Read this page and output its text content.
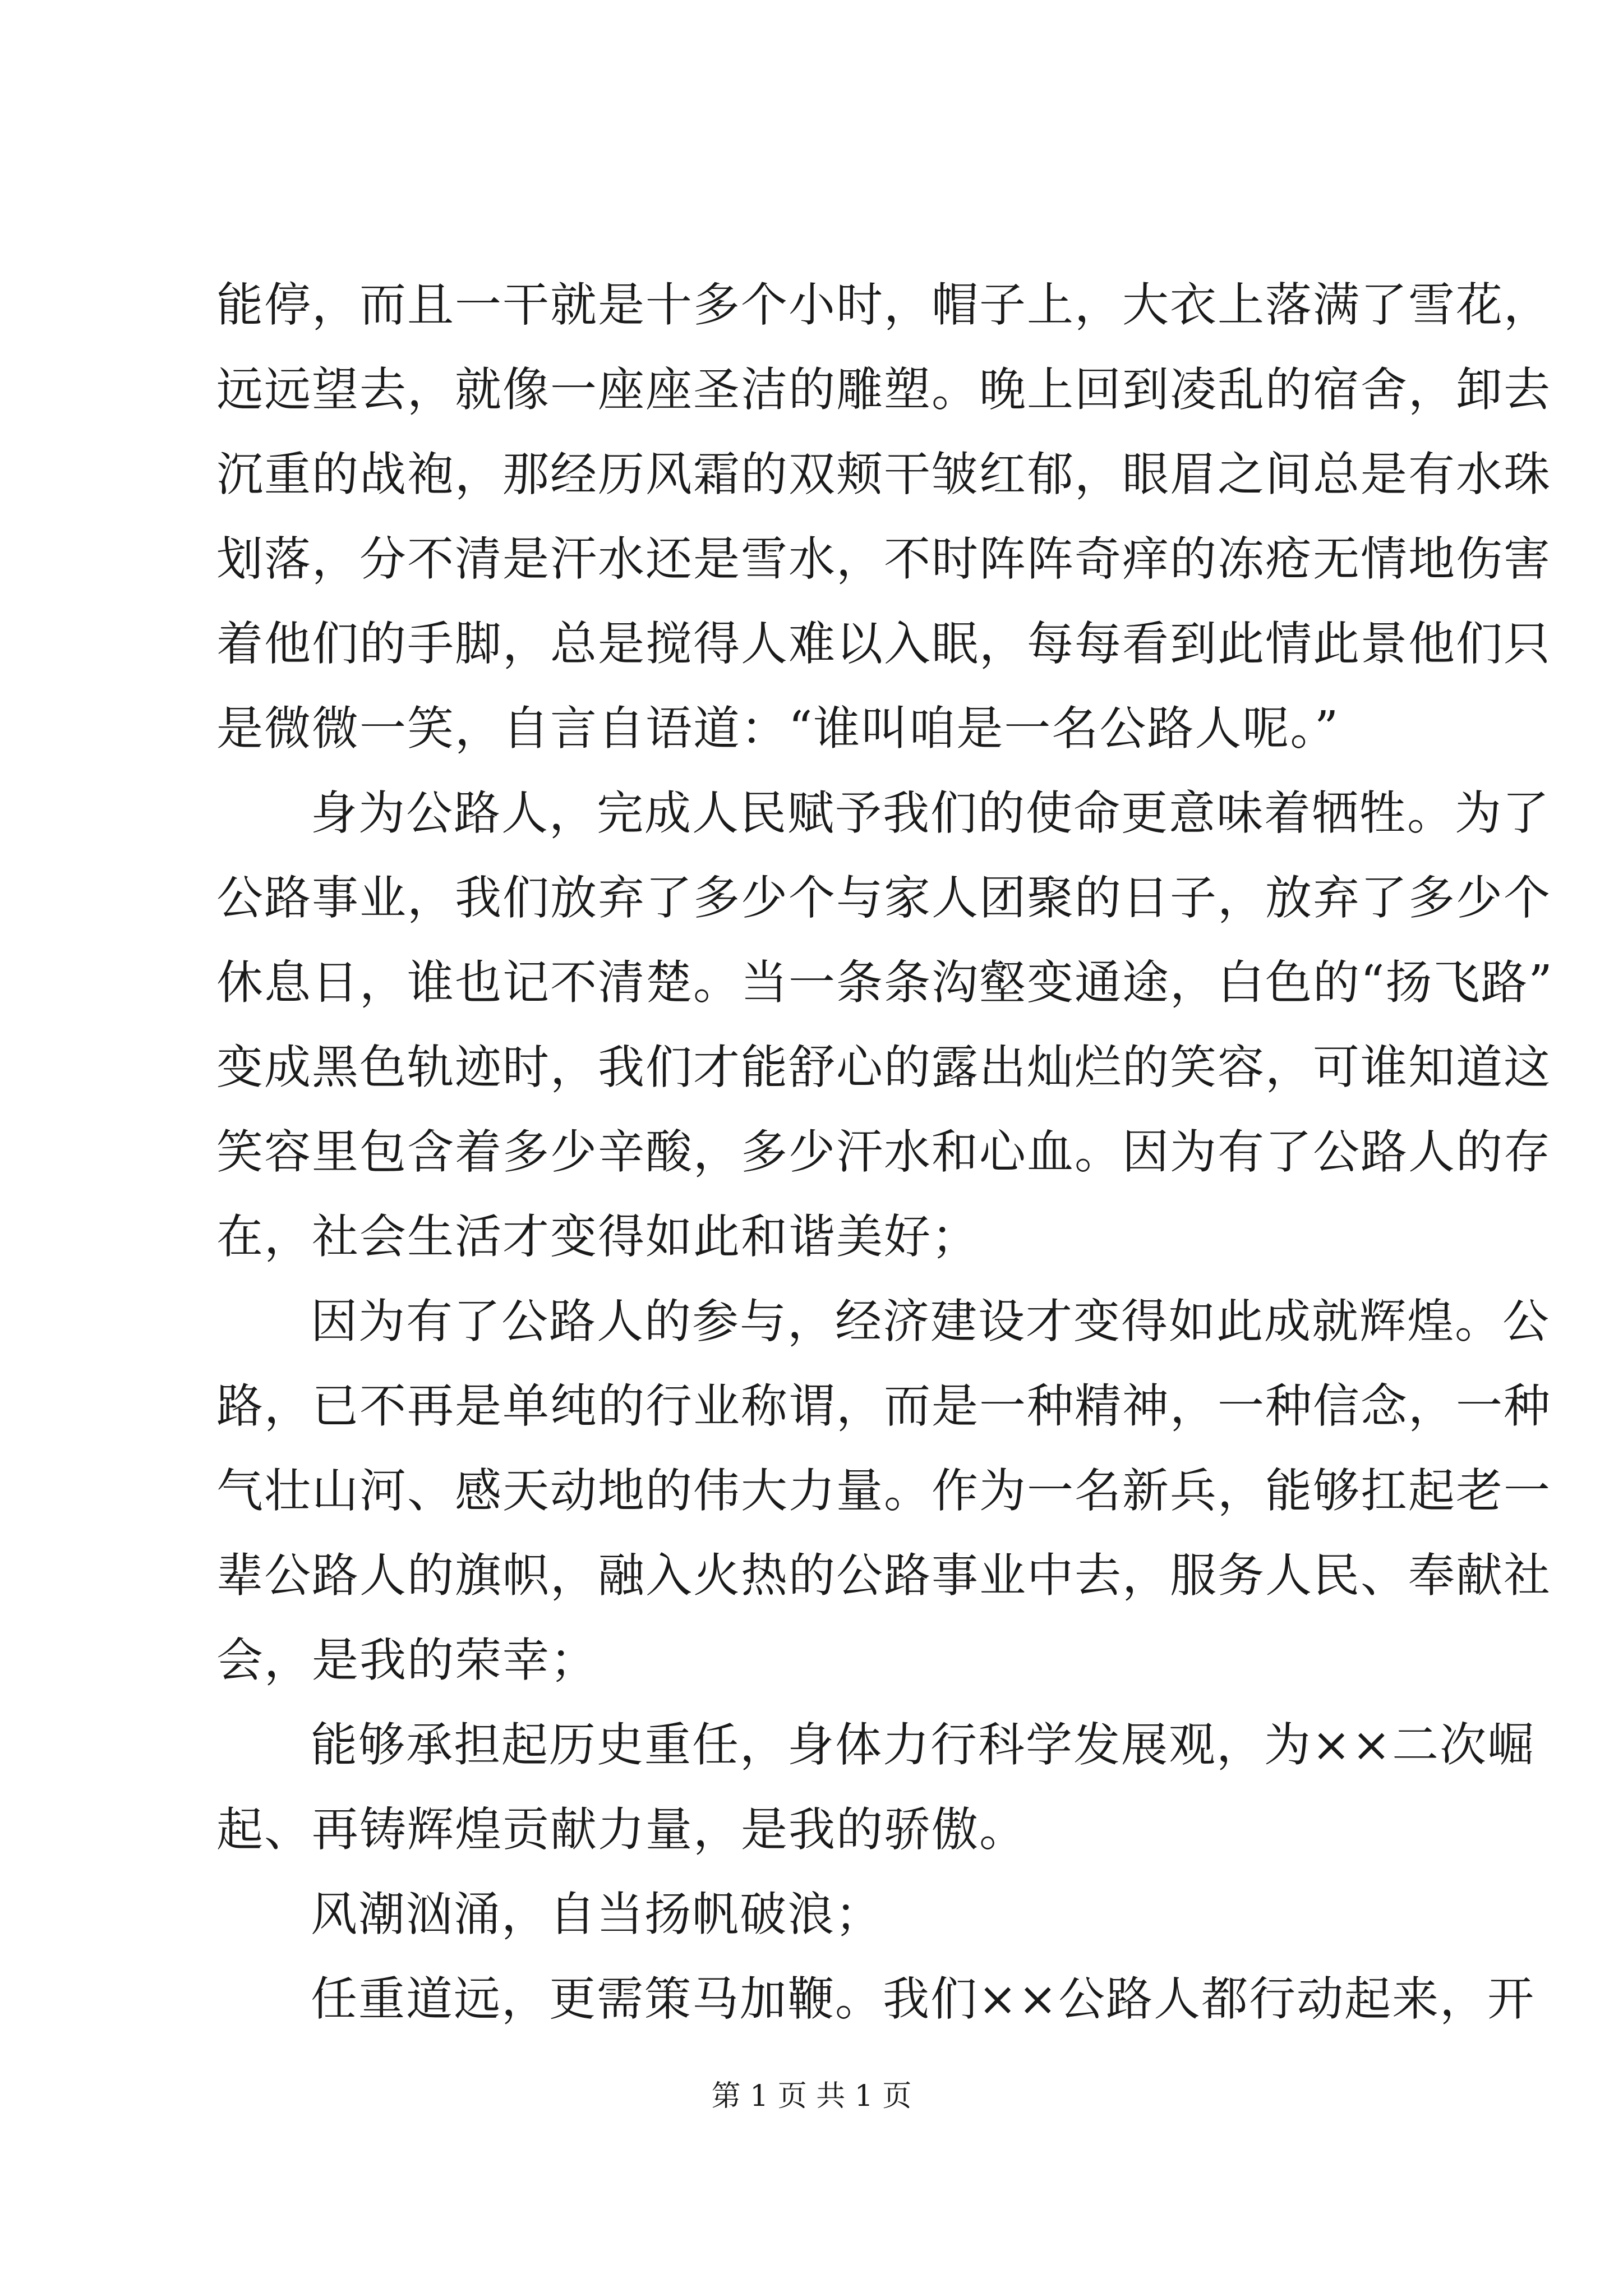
能停，而且一干就是十多个小时，帽子上，大衣上落满了雪花，
远远望去，就像一座座圣洁的雕塑。晚上回到凌乱的宿舍，卸去
沉重的战袍，那经历风霜的双颊干皱红郁，眼眉之间总是有水珠
划落，分不清是汗水还是雪水，不时阵阵奇痒的冻疮无情地伤害
着他们的手脚，总是搅得人难以入眠，每每看到此情此景他们只
是微微一笑，自言自语道：“谁叫咱是一名公路人呢。”
身为公路人，完成人民赋予我们的使命更意味着牺牲。为了
公路事业，我们放弃了多少个与家人团聚的日子，放弃了多少个
休息日，谁也记不清楚。当一条条沟壑变通途，白色的“扬飞路”
变成黑色轨迹时，我们才能舒心的露出灿烂的笑容，可谁知道这
笑容里包含着多少辛酸，多少汗水和心血。因为有了公路人的存
在，社会生活才变得如此和谐美好；
因为有了公路人的参与，经济建设才变得如此成就辉煌。公
路，已不再是单纯的行业称谓，而是一种精神，一种信念，一种
气壮山河、感天动地的伟大力量。作为一名新兵，能够扛起老一
辈公路人的旗帜，融入火热的公路事业中去，服务人民、奉献社
会，是我的荣幸；
能够承担起历史重任，身体力行科学发展观，为××二次崛
起、再铸辉煌贡献力量，是我的骄傲。
风潮汹涌，自当扬帆破浪；
任重道远，更需策马加鞭。我们××公路人都行动起来，开
第 1 页 共 1 页
